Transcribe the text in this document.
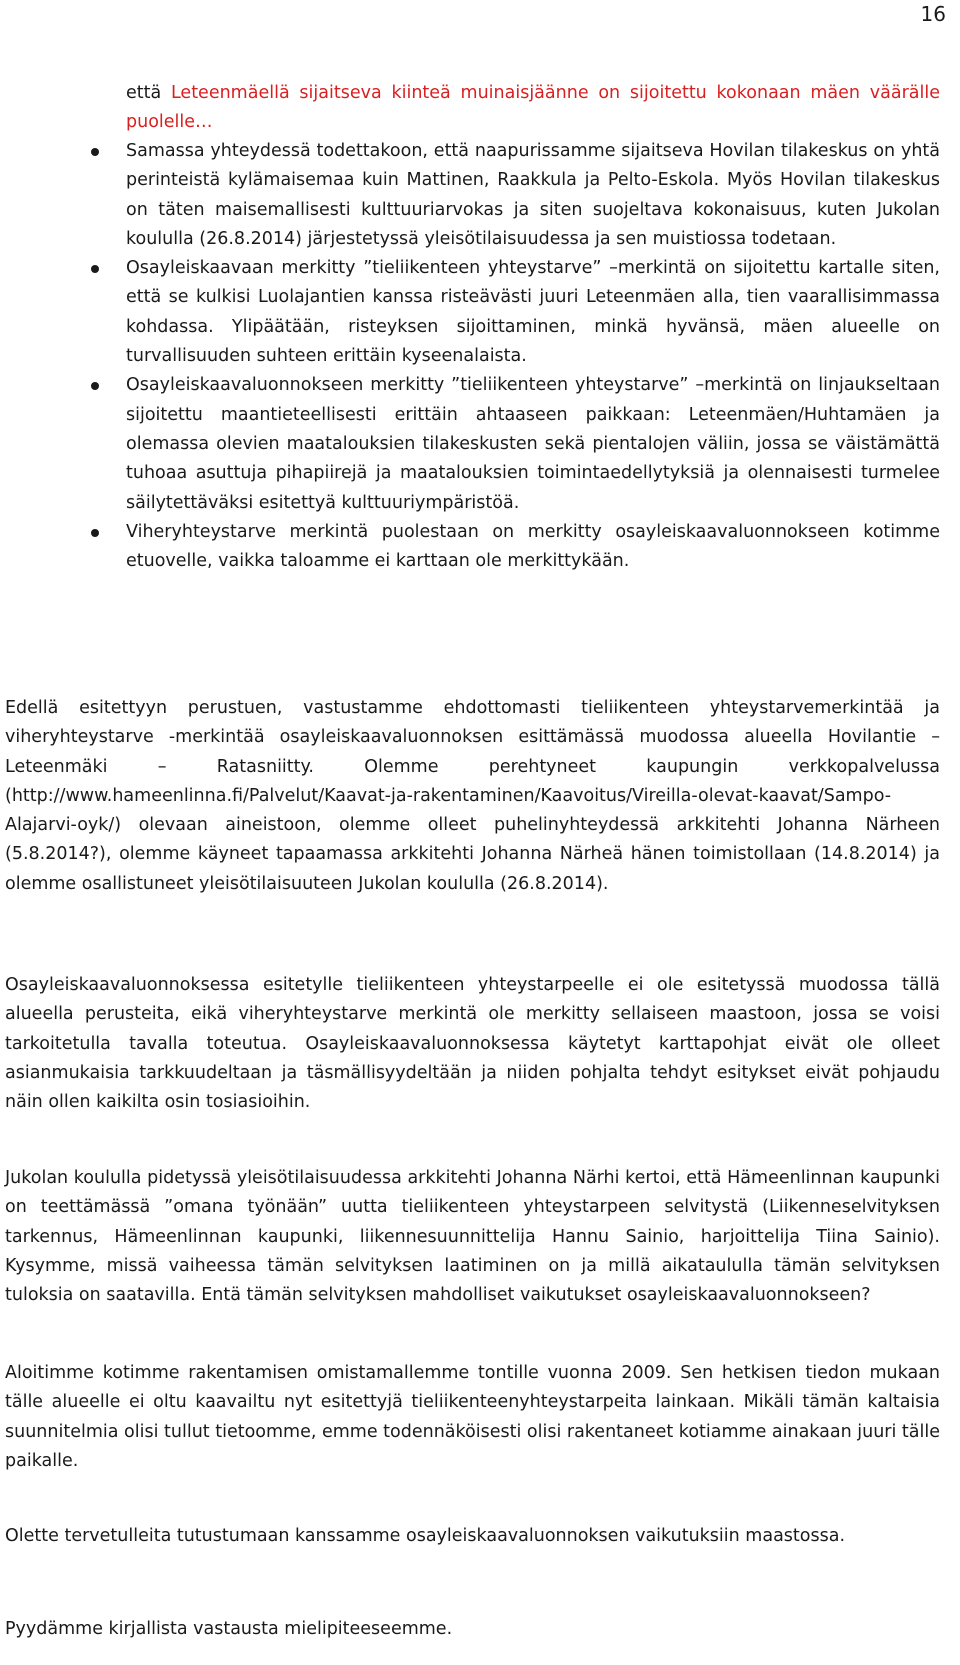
16

että Leteenmäellä sijaitseva kiinteä muinaisjäänne on sijoitettu kokonaan mäen väärälle puolelle…

Samassa yhteydessä todettakoon, että naapurissamme sijaitseva Hovilan tilakeskus on yhtä perinteistä kylämaisemaa kuin Mattinen, Raakkula ja Pelto-Eskola. Myös Hovilan tilakeskus on täten maisemallisesti kulttuuriarvokas ja siten suojeltava kokonaisuus, kuten Jukolan koululla (26.8.2014) järjestetyssä yleisötilaisuudessa ja sen muistiossa todetaan.
Osayleiskaavaan merkitty ”tieliikenteen yhteystarve” –merkintä on sijoitettu kartalle siten, että se kulkisi Luolajantien kanssa risteävästi juuri Leteenmäen alla, tien vaarallisimmassa kohdassa. Ylipäätään, risteyksen sijoittaminen, minkä hyvänsä, mäen alueelle on turvallisuuden suhteen erittäin kyseenalaista.
Osayleiskaavaluonnokseen merkitty ”tieliikenteen yhteystarve” –merkintä on linjaukseltaan sijoitettu maantieteellisesti erittäin ahtaaseen paikkaan: Leteenmäen/Huhtamäen ja olemassa olevien maatalouksien tilakeskusten sekä pientalojen väliin, jossa se väistämättä tuhoaa asuttuja pihapiirejä ja maatalouksien toimintaedellytyksiä ja olennaisesti turmelee säilytettäväksi esitettyä kulttuuriympäristöä.
Viheryhteystarve merkintä puolestaan on merkitty osayleiskaavaluonnokseen kotimme etuovelle, vaikka taloamme ei karttaan ole merkittykään.

Edellä esitettyyn perustuen, vastustamme ehdottomasti tieliikenteen yhteystarvemerkintää ja viheryhteystarve -merkintää osayleiskaavaluonnoksen esittämässä muodossa alueella Hovilantie – Leteenmäki – Ratasniitty. Olemme perehtyneet kaupungin verkkopalvelussa (http://www.hameenlinna.fi/Palvelut/Kaavat-ja-rakentaminen/Kaavoitus/Vireilla-olevat-kaavat/Sampo-Alajarvi-oyk/) olevaan aineistoon, olemme olleet puhelinyhteydessä arkkitehti Johanna Närheen (5.8.2014?), olemme käyneet tapaamassa arkkitehti Johanna Närheä hänen toimistollaan (14.8.2014) ja olemme osallistuneet yleisötilaisuuteen Jukolan koululla (26.8.2014).

Osayleiskaavaluonnoksessa esitetylle tieliikenteen yhteystarpeelle ei ole esitetyssä muodossa tällä alueella perusteita, eikä viheryhteystarve merkintä ole merkitty sellaiseen maastoon, jossa se voisi tarkoitetulla tavalla toteutua. Osayleiskaavaluonnoksessa käytetyt karttapohjat eivät ole olleet asianmukaisia tarkkuudeltaan ja täsmällisyydeltään ja niiden pohjalta tehdyt esitykset eivät pohjaudu näin ollen kaikilta osin tosiasioihin.

Jukolan koululla pidetyssä yleisötilaisuudessa arkkitehti Johanna Närhi kertoi, että Hämeenlinnan kaupunki on teettämässä ”omana työnään” uutta tieliikenteen yhteystarpeen selvitystä (Liikenneselvityksen tarkennus, Hämeenlinnan kaupunki, liikennesuunnittelija Hannu Sainio, harjoittelija Tiina Sainio). Kysymme, missä vaiheessa tämän selvityksen laatiminen on ja millä aikataululla tämän selvityksen tuloksia on saatavilla. Entä tämän selvityksen mahdolliset vaikutukset osayleiskaavaluonnokseen?

Aloitimme kotimme rakentamisen omistamallemme tontille vuonna 2009. Sen hetkisen tiedon mukaan tälle alueelle ei oltu kaavailtu nyt esitettyjä tieliikenteenyhteystarpeita lainkaan. Mikäli tämän kaltaisia suunnitelmia olisi tullut tietoomme, emme todennäköisesti olisi rakentaneet kotiamme ainakaan juuri tälle paikalle.

Olette tervetulleita tutustumaan kanssamme osayleiskaavaluonnoksen vaikutuksiin maastossa.

Pyydämme kirjallista vastausta mielipiteeseemme.
